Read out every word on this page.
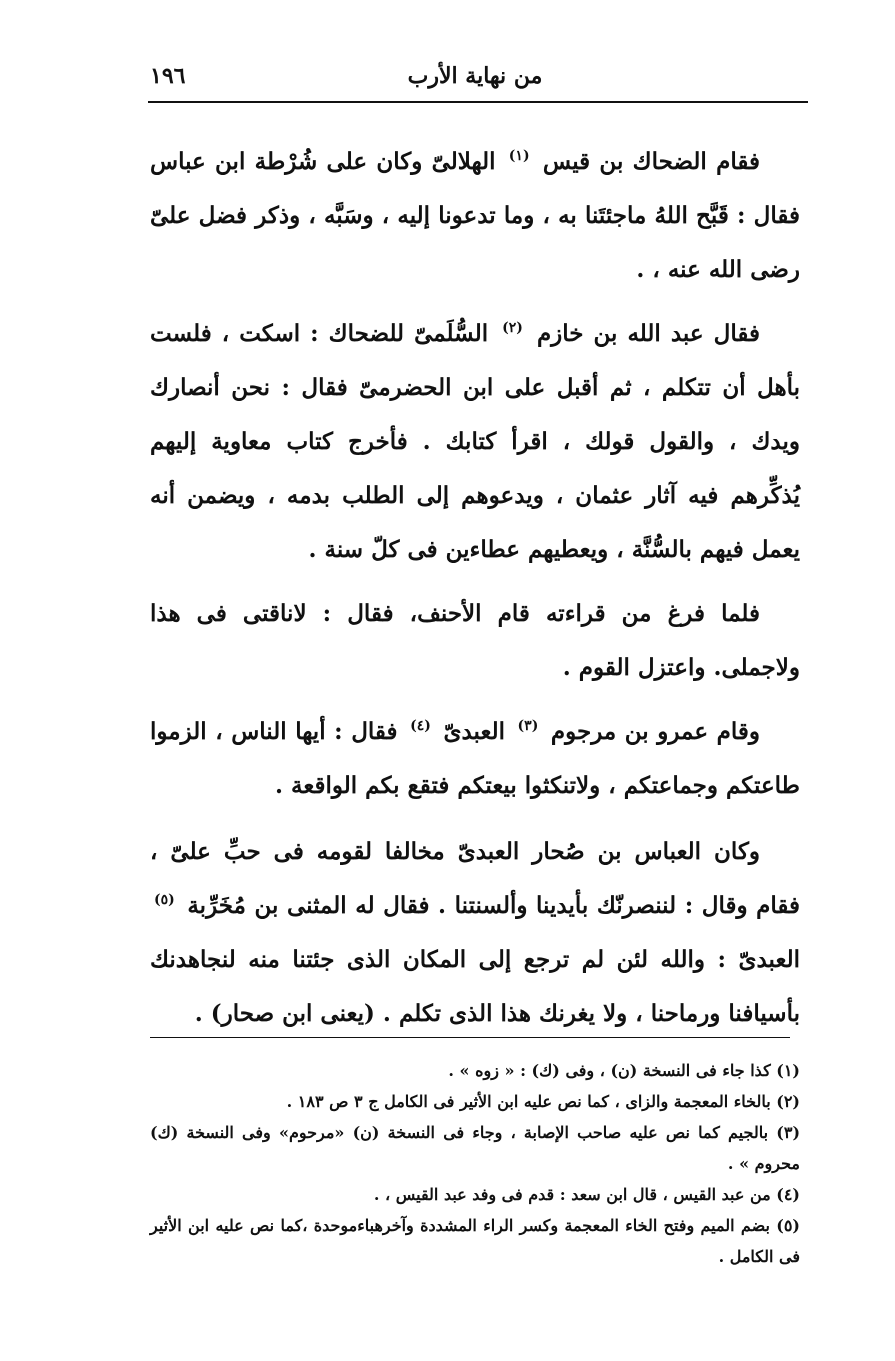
من نهاية الأرب
١٩٦

فقام الضحاك بن قيس $^{(١)}$ الهلالىّ وكان على شُرْطة ابن عباس فقال : قَبَّح اللهُ ماجئتَنا به ، وما تدعونا إليه ، وسَبَّه ، وذكر فضل علىّ رضى الله عنه ، .

فقال عبد الله بن خازم $^{(٢)}$ السُّلَمىّ للضحاك : اسكت ، فلست بأهل أن تتكلم ، ثم أقبل على ابن الحضرمىّ فقال : نحن أنصارك ويدك ، والقول قولك ، اقرأ كتابك . فأخرج كتاب معاوية إليهم يُذكِّرهم فيه آثار عثمان ، ويدعوهم إلى الطلب بدمه ، ويضمن أنه يعمل فيهم بالسُّنَّة ، ويعطيهم عطاءين فى كلّ سنة .

فلما فرغ من قراءته قام الأحنف، فقال : لاناقتى فى هذا ولاجملى. واعتزل القوم .

وقام عمرو بن مرجوم $^{(٣)}$ العبدىّ $^{(٤)}$ فقال : أيها الناس ، الزموا طاعتكم وجماعتكم ، ولاتنكثوا بيعتكم فتقع بكم الواقعة .

وكان العباس بن صُحار العبدىّ مخالفا لقومه فى حبِّ علىّ ، فقام وقال : لننصرنّك بأيدينا وألسنتنا . فقال له المثنى بن مُخَرِّبة $^{(٥)}$ العبدىّ : والله لئن لم ترجع إلى المكان الذى جئتنا منه لنجاهدنك بأسيافنا ورماحنا ، ولا يغرنك هذا الذى تكلم . (يعنى ابن صحار) .

(١) كذا جاء فى النسخة (ن) ، وفى (ك) : « زوه » .

(٢) بالخاء المعجمة والزاى ، كما نص عليه ابن الأثير فى الكامل ج ٣ ص ١٨٣ .

(٣) بالجيم كما نص عليه صاحب الإصابة ، وجاء فى النسخة (ن) «مرحوم» وفى النسخة (ك) محروم » .

(٤) من عبد القيس ، قال ابن سعد : قدم فى وفد عبد القيس ، .

(٥) بضم الميم وفتح الخاء المعجمة وكسر الراء المشددة وآخرهباءموحدة ،كما نص عليه ابن الأثير فى الكامل .
